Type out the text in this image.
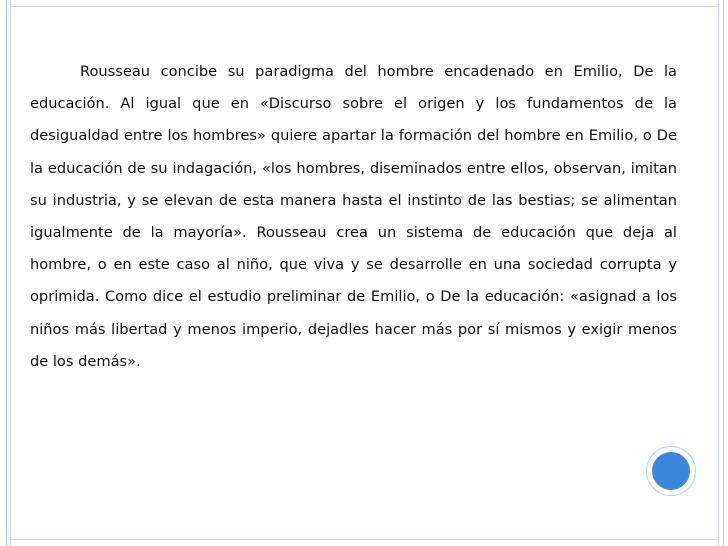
Rousseau concibe su paradigma del hombre encadenado en Emilio, De la educación. Al igual que en «Discurso sobre el origen y los fundamentos de la desigualdad entre los hombres» quiere apartar la formación del hombre en Emilio, o De la educación de su indagación, «los hombres, diseminados entre ellos, observan, imitan su industria, y se elevan de esta manera hasta el instinto de las bestias; se alimentan igualmente de la mayoría». Rousseau crea un sistema de educación que deja al hombre, o en este caso al niño, que viva y se desarrolle en una sociedad corrupta y oprimida. Como dice el estudio preliminar de Emilio, o De la educación: «asignad a los niños más libertad y menos imperio, dejadles hacer más por sí mismos y exigir menos de los demás».
